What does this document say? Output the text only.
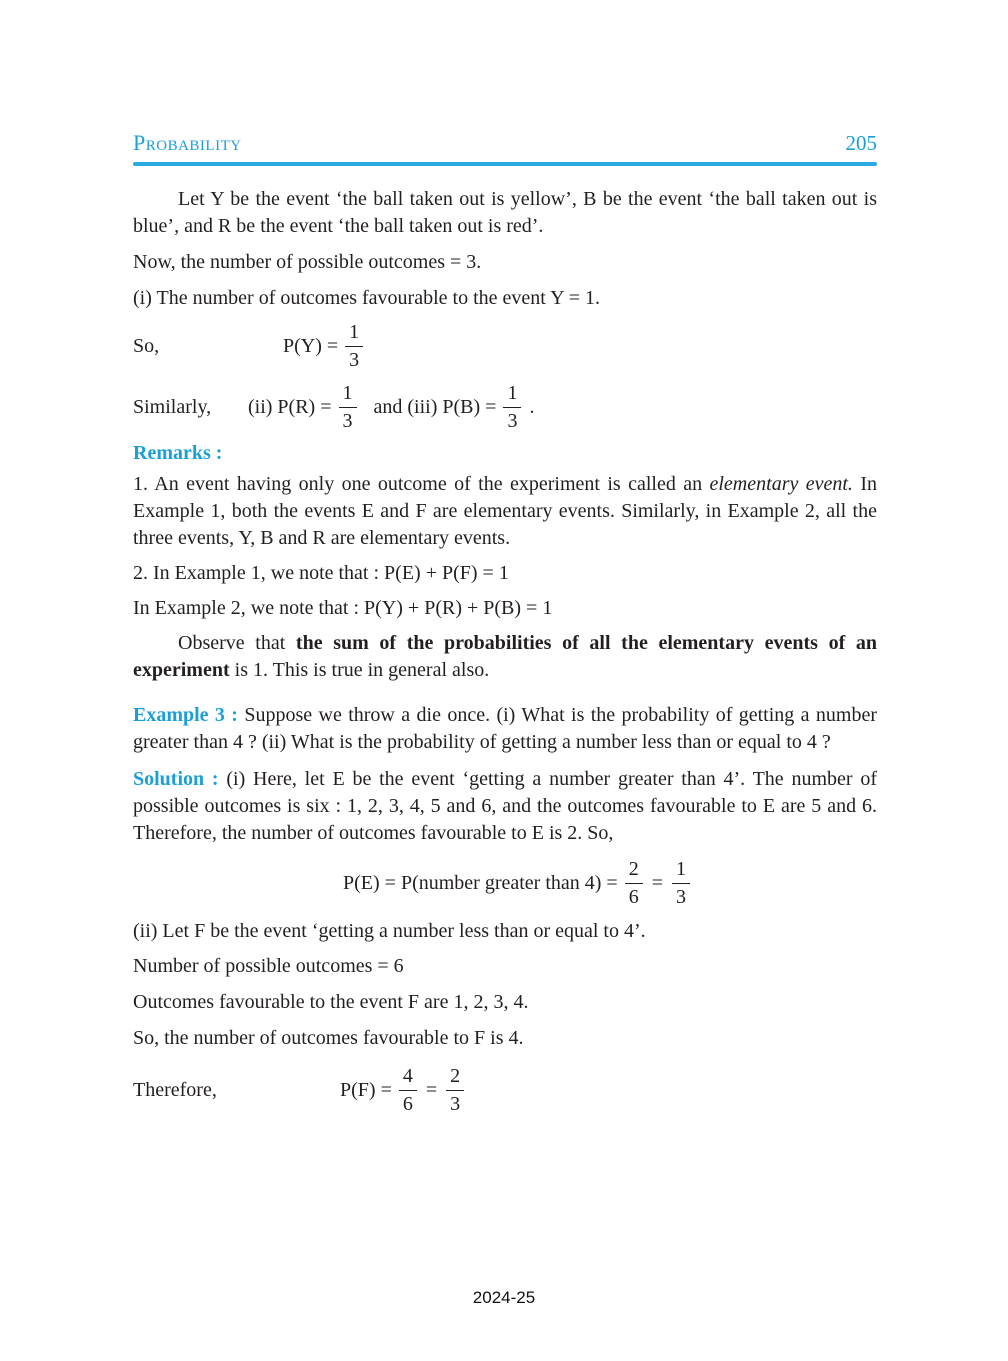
Probability	205

Let Y be the event ‘the ball taken out is yellow’, B be the event ‘the ball taken out is blue’, and R be the event ‘the ball taken out is red’.

Now, the number of possible outcomes = 3.

(i) The number of outcomes favourable to the event Y = 1.

So,	$P(Y) = \frac{1}{3}$
Similarly,	(ii) $P(R) = \frac{1}{3}$ and (iii) $P(B) = \frac{1}{3}$ .

Remarks :

1. An event having only one outcome of the experiment is called an elementary event. In Example 1, both the events E and F are elementary events. Similarly, in Example 2, all the three events, Y, B and R are elementary events.

2. In Example 1, we note that : P(E) + P(F) = 1

In Example 2, we note that : P(Y) + P(R) + P(B) = 1

Observe that the sum of the probabilities of all the elementary events of an experiment is 1. This is true in general also.

Example 3 : Suppose we throw a die once. (i) What is the probability of getting a number greater than 4 ? (ii) What is the probability of getting a number less than or equal to 4 ?

Solution : (i) Here, let E be the event ‘getting a number greater than 4’. The number of possible outcomes is six : 1, 2, 3, 4, 5 and 6, and the outcomes favourable to E are 5 and 6. Therefore, the number of outcomes favourable to E is 2. So,

P(E) = P(number greater than $4) = \frac{2}{6} = \frac{1}{3}$

(ii) Let F be the event ‘getting a number less than or equal to 4’.

Number of possible outcomes = 6

Outcomes favourable to the event F are 1, 2, 3, 4.

So, the number of outcomes favourable to F is 4.

Therefore,	$P(F) = \frac{4}{6} = \frac{2}{3}$
2024-25
